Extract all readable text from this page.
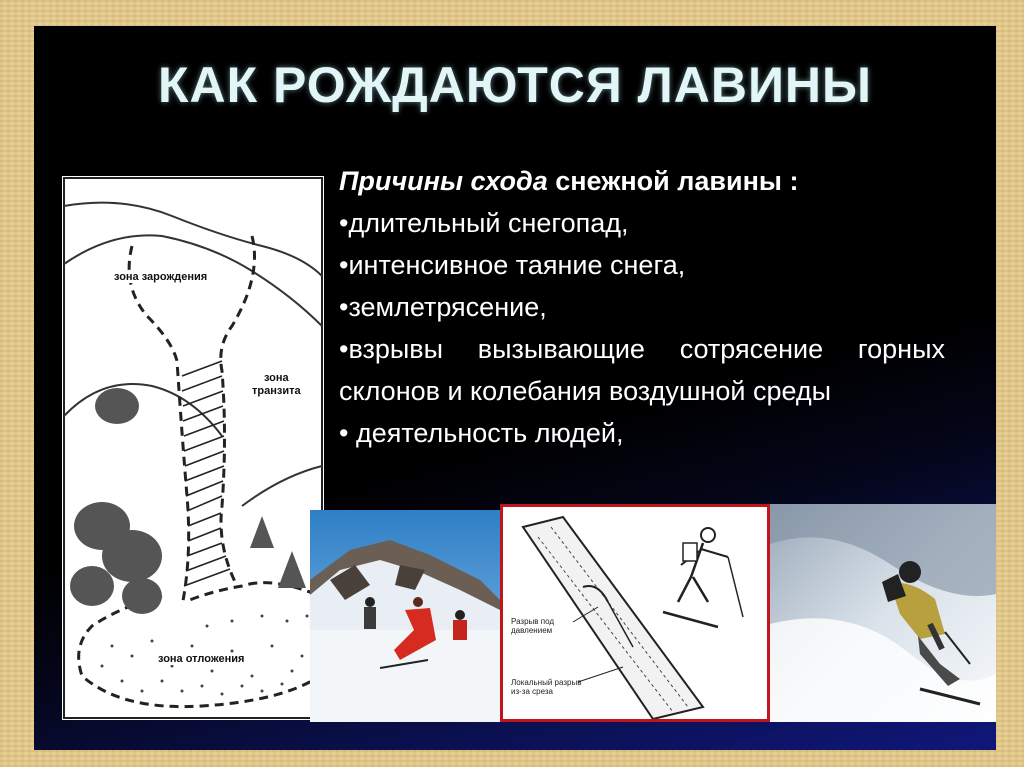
КАК РОЖДАЮТСЯ ЛАВИНЫ
Причины схода снежной лавины :
•длительный снегопад,
•интенсивное таяние снега,
•землетрясение,
•взрывы вызывающие сотрясение горных склонов и колебания воздушной среды
• деятельность людей,
зона зарождения
зона
транзита
зона отложения
Разрыв под
давлением
Локальный разрыв
из-за среза
